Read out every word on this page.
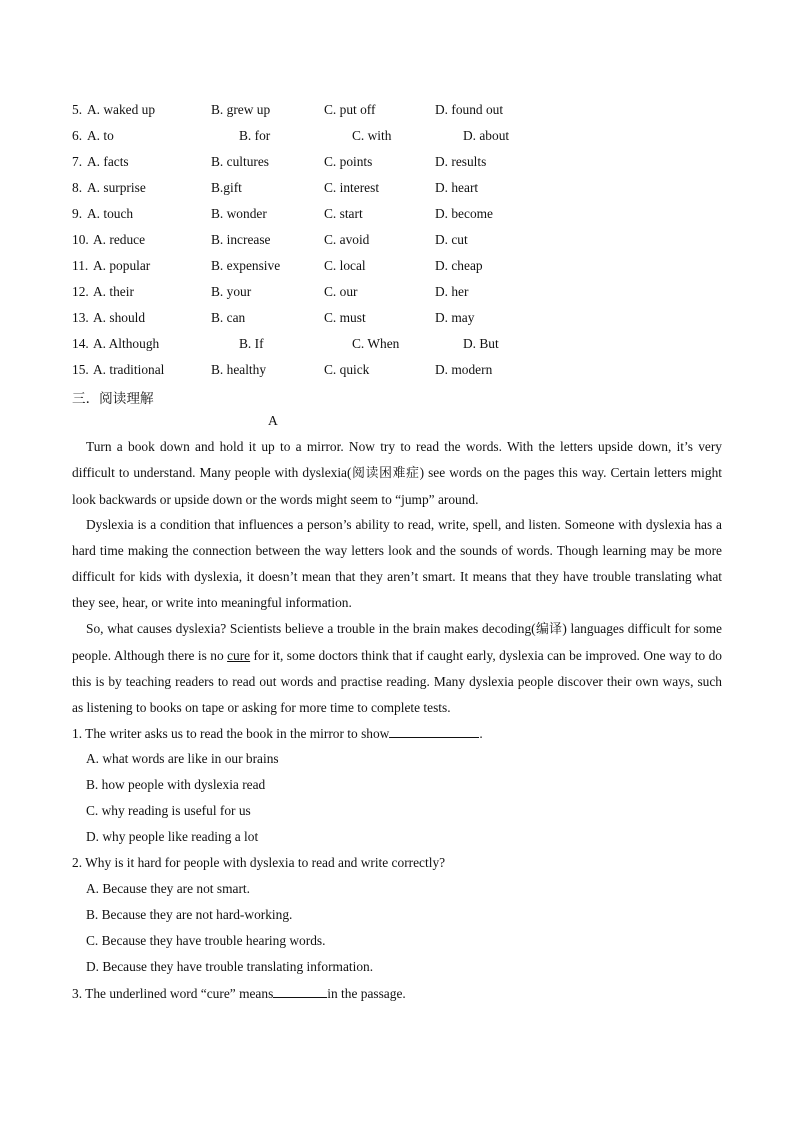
5. A. waked up	B. grew up	C. put off	D. found out
6. A. to	B. for	C. with	D. about
7. A. facts	B. cultures	C. points	D. results
8. A. surprise	B.gift	C. interest	D. heart
9. A. touch	B. wonder	C. start	D. become
10. A. reduce	B. increase	C. avoid	D. cut
11. A. popular	B. expensive	C. local	D. cheap
12. A. their	B. your	C. our	D. her
13. A. should	B. can	C. must	D. may
14. A. Although	B. If	C. When	D. But
15. A. traditional	B. healthy	C. quick	D. modern
三．阅读理解
A
Turn a book down and hold it up to a mirror. Now try to read the words. With the letters upside down, it’s very difficult to understand. Many people with dyslexia(阅读困难症) see words on the pages this way. Certain letters might look backwards or upside down or the words might seem to “jump” around.
Dyslexia is a condition that influences a person’s ability to read, write, spell, and listen. Someone with dyslexia has a hard time making the connection between the way letters look and the sounds of words. Though learning may be more difficult for kids with dyslexia, it doesn’t mean that they aren’t smart. It means that they have trouble translating what they see, hear, or write into meaningful information.
So, what causes dyslexia? Scientists believe a trouble in the brain makes decoding(编译) languages difficult for some people. Although there is no cure for it, some doctors think that if caught early, dyslexia can be improved. One way to do this is by teaching readers to read out words and practise reading. Many dyslexia people discover their own ways, such as listening to books on tape or asking for more time to complete tests.
1. The writer asks us to read the book in the mirror to show	.
A. what words are like in our brains
B. how people with dyslexia read
C. why reading is useful for us
D. why people like reading a lot
2. Why is it hard for people with dyslexia to read and write correctly?
A. Because they are not smart.
B. Because they are not hard-working.
C. Because they have trouble hearing words.
D. Because they have trouble translating information.
3. The underlined word “cure” means	in the passage.
